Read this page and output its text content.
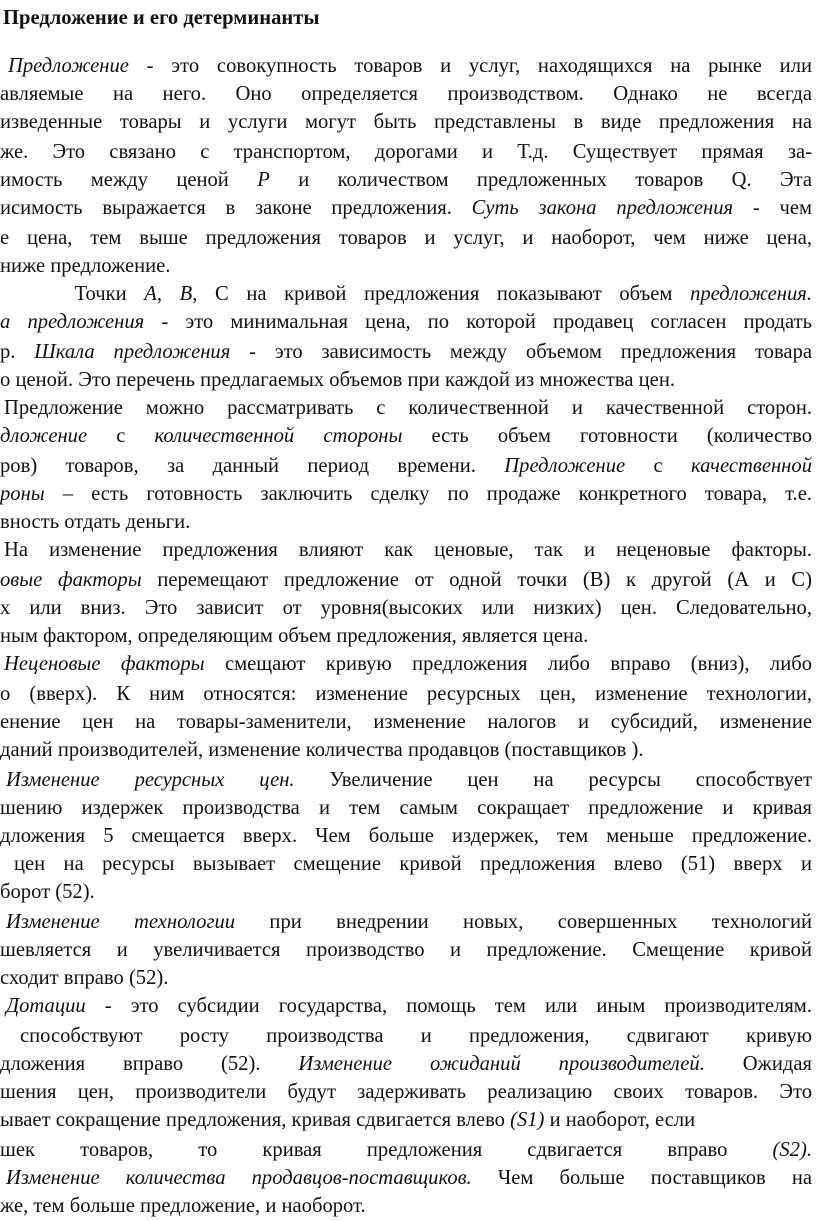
Предложение и его детерминанты
Предложение - это совокупность товаров и услуг, находящихся на рынке или
авляемые на него. Оно определяется производством. Однако не всегда
изведенные товары и услуги могут быть представлены в виде предложения на
же. Это связано с транспортом, дорогами и Т.д. Существует прямая за-
имость между ценой Р и количеством предложенных товаров Q. Эта
исимость выражается в законе предложения. Суть закона предложения - чем
е цена, тем выше предложения товаров и услуг, и наоборот, чем ниже цена,
ниже предложение.
Точки А, В, С на кривой предложения показывают объем предложения.
а предложения - это минимальная цена, по которой продавец согласен продать
р. Шкала предложения - это зависимость между объемом предложения товара
о ценой. Это перечень предлагаемых объемов при каждой из множества цен.
Предложение можно рассматривать с количественной и качественной сторон.
дложение с количественной стороны есть объем готовности (количество
ров) товаров, за данный период времени. Предложение с качественной
роны – есть готовность заключить сделку по продаже конкретного товара, т.е.
вность отдать деньги.
На изменение предложения влияют как ценовые, так и неценовые факторы.
овые факторы перемещают предложение от одной точки (В) к другой (А и С)
х или вниз. Это зависит от уровня(высоких или низких) цен. Следовательно,
ным фактором, определяющим объем предложения, является цена.
Неценовые факторы смещают кривую предложения либо вправо (вниз), либо
о (вверх). К ним относятся: изменение ресурсных цен, изменение технологии,
енение цен на товары-заменители, изменение налогов и субсидий, изменение
даний производителей, изменение количества продавцов (поставщиков ).
Изменение ресурсных цен. Увеличение цен на ресурсы способствует
шению издержек производства и тем самым сокращает предложение и кривая
дложения 5 смещается вверх. Чем больше издержек, тем меньше предложение.
цен на ресурсы вызывает смещение кривой предложения влево (51) вверх и
борот (52).
Изменение технологии при внедрении новых, совершенных технологий
шевляется и увеличивается производство и предложение. Смещение кривой
сходит вправо (52).
Дотации - это субсидии государства, помощь тем или иным производителям.
способствуют росту производства и предложения, сдвигают кривую
дложения вправо (52). Изменение ожиданий производителей. Ожидая
шения цен, производители будут задерживать реализацию своих товаров. Это
ывает сокращение предложения, кривая сдвигается влево (S1) и наоборот, если
шек товаров, то кривая предложения сдвигается вправо (S2).
Изменение количества продавцов-поставщиков. Чем больше поставщиков на
же, тем больше предложение, и наоборот.
